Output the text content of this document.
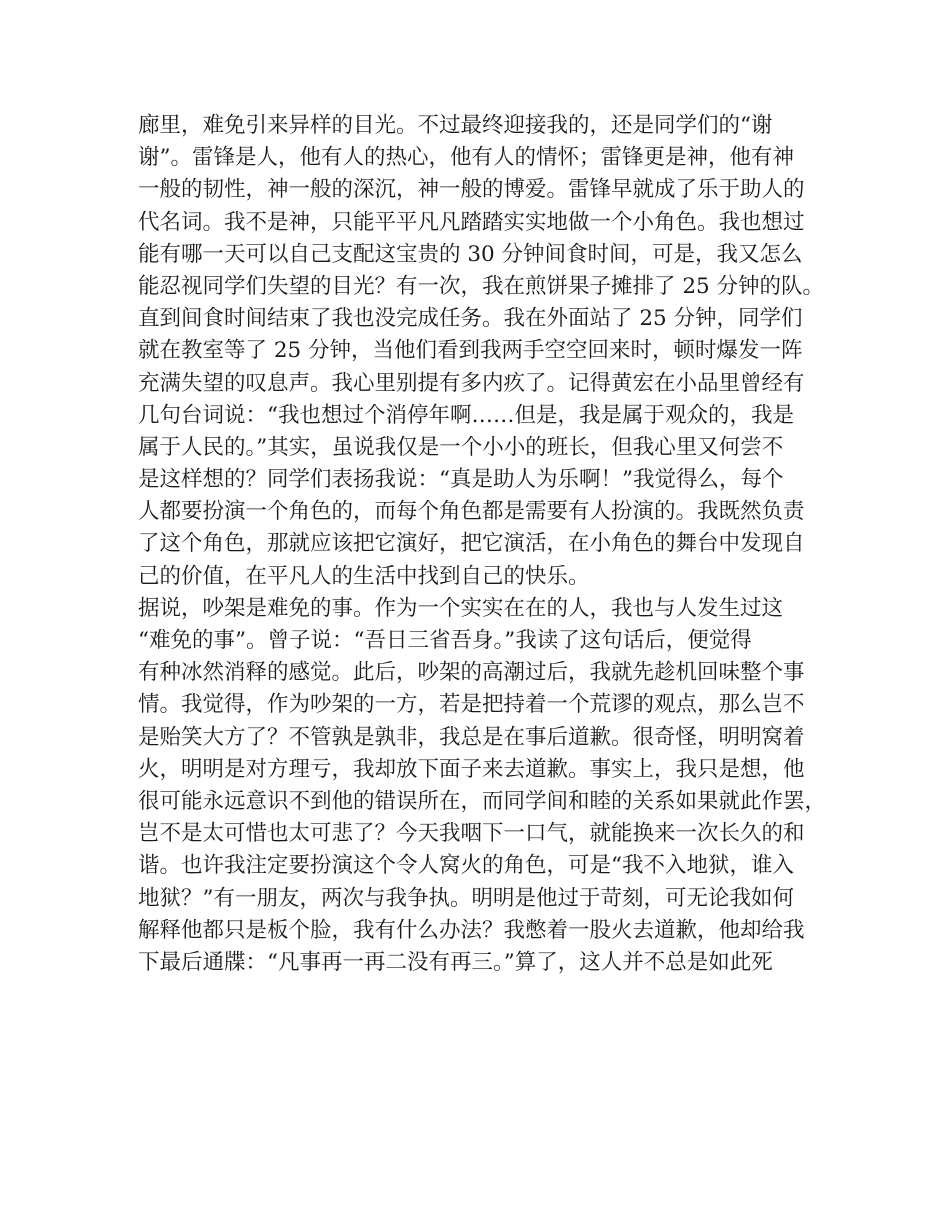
廊里，难免引来异样的目光。不过最终迎接我的，还是同学们的“谢
谢”。雷锋是人，他有人的热心，他有人的情怀；雷锋更是神，他有神
一般的韧性，神一般的深沉，神一般的博爱。雷锋早就成了乐于助人的
代名词。我不是神，只能平平凡凡踏踏实实地做一个小角色。我也想过
能有哪一天可以自己支配这宝贵的 30 分钟间食时间，可是，我又怎么
能忍视同学们失望的目光？有一次，我在煎饼果子摊排了 25 分钟的队。
直到间食时间结束了我也没完成任务。我在外面站了 25 分钟，同学们
就在教室等了 25 分钟，当他们看到我两手空空回来时，顿时爆发一阵
充满失望的叹息声。我心里别提有多内疚了。记得黄宏在小品里曾经有
几句台词说：“我也想过个消停年啊……但是，我是属于观众的，我是
属于人民的。”其实，虽说我仅是一个小小的班长，但我心里又何尝不
是这样想的？同学们表扬我说：“真是助人为乐啊！”我觉得么，每个
人都要扮演一个角色的，而每个角色都是需要有人扮演的。我既然负责
了这个角色，那就应该把它演好，把它演活，在小角色的舞台中发现自
己的价值，在平凡人的生活中找到自己的快乐。
据说，吵架是难免的事。作为一个实实在在的人，我也与人发生过这
“难免的事”。曾子说：“吾日三省吾身。”我读了这句话后，便觉得
有种冰然消释的感觉。此后，吵架的高潮过后，我就先趁机回味整个事
情。我觉得，作为吵架的一方，若是把持着一个荒谬的观点，那么岂不
是贻笑大方了？不管孰是孰非，我总是在事后道歉。很奇怪，明明窝着
火，明明是对方理亏，我却放下面子来去道歉。事实上，我只是想，他
很可能永远意识不到他的错误所在，而同学间和睦的关系如果就此作罢，
岂不是太可惜也太可悲了？今天我咽下一口气，就能换来一次长久的和
谐。也许我注定要扮演这个令人窝火的角色，可是“我不入地狱，谁入
地狱？”有一朋友，两次与我争执。明明是他过于苛刻，可无论我如何
解释他都只是板个脸，我有什么办法？我憋着一股火去道歉，他却给我
下最后通牒：“凡事再一再二没有再三。”算了，这人并不总是如此死
